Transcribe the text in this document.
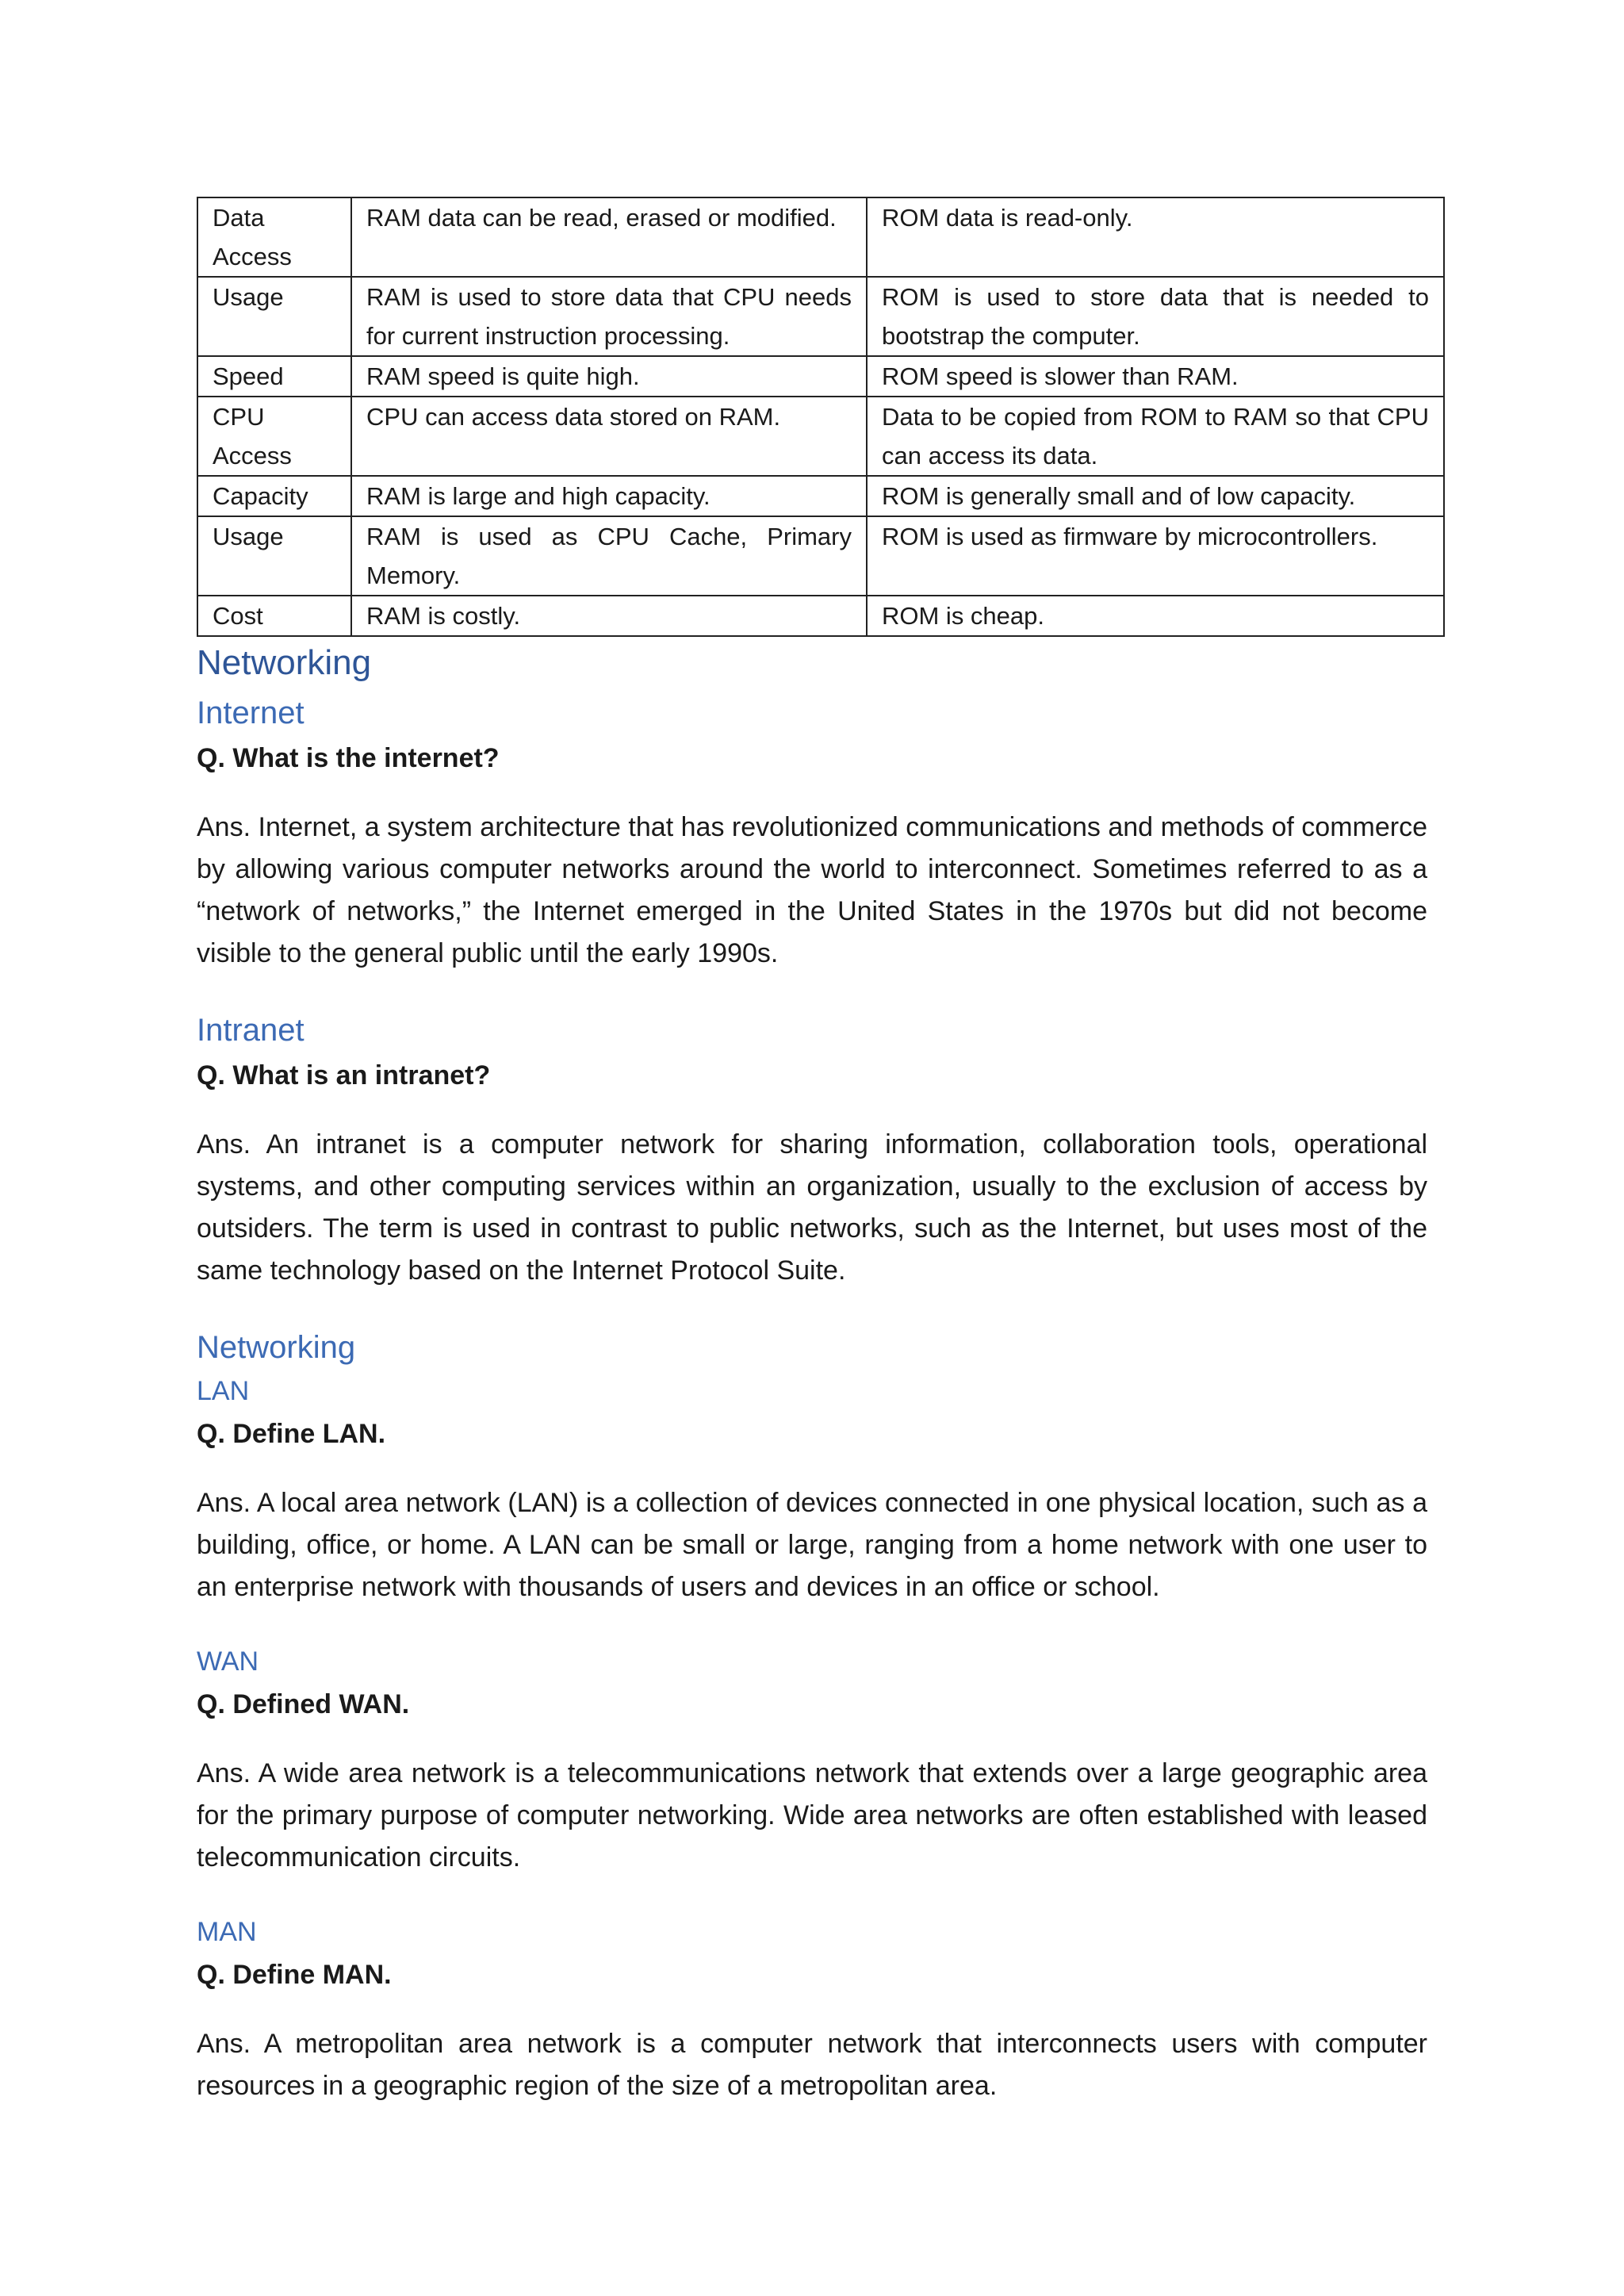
Data Access	RAM data can be read, erased or modified.	ROM data is read-only.
Usage	RAM is used to store data that CPU needs for current instruction processing.	ROM is used to store data that is needed to bootstrap the computer.
Speed	RAM speed is quite high.	ROM speed is slower than RAM.
CPU Access	CPU can access data stored on RAM.	Data to be copied from ROM to RAM so that CPU can access its data.
Capacity	RAM is large and high capacity.	ROM is generally small and of low capacity.
Usage	RAM is used as CPU Cache, Primary Memory.	ROM is used as firmware by microcontrollers.
Cost	RAM is costly.	ROM is cheap.
Networking
Internet
Q. What is the internet?

Ans. Internet, a system architecture that has revolutionized communications and methods of commerce by allowing various computer networks around the world to interconnect. Sometimes referred to as a “network of networks,” the Internet emerged in the United States in the 1970s but did not become visible to the general public until the early 1990s.

Intranet
Q. What is an intranet?

Ans. An intranet is a computer network for sharing information, collaboration tools, operational systems, and other computing services within an organization, usually to the exclusion of access by outsiders. The term is used in contrast to public networks, such as the Internet, but uses most of the same technology based on the Internet Protocol Suite.

Networking
LAN
Q. Define LAN.

Ans. A local area network (LAN) is a collection of devices connected in one physical location, such as a building, office, or home. A LAN can be small or large, ranging from a home network with one user to an enterprise network with thousands of users and devices in an office or school.

WAN
Q. Defined WAN.

Ans. A wide area network is a telecommunications network that extends over a large geographic area for the primary purpose of computer networking. Wide area networks are often established with leased telecommunication circuits.

MAN
Q. Define MAN.

Ans. A metropolitan area network is a computer network that interconnects users with computer resources in a geographic region of the size of a metropolitan area.
